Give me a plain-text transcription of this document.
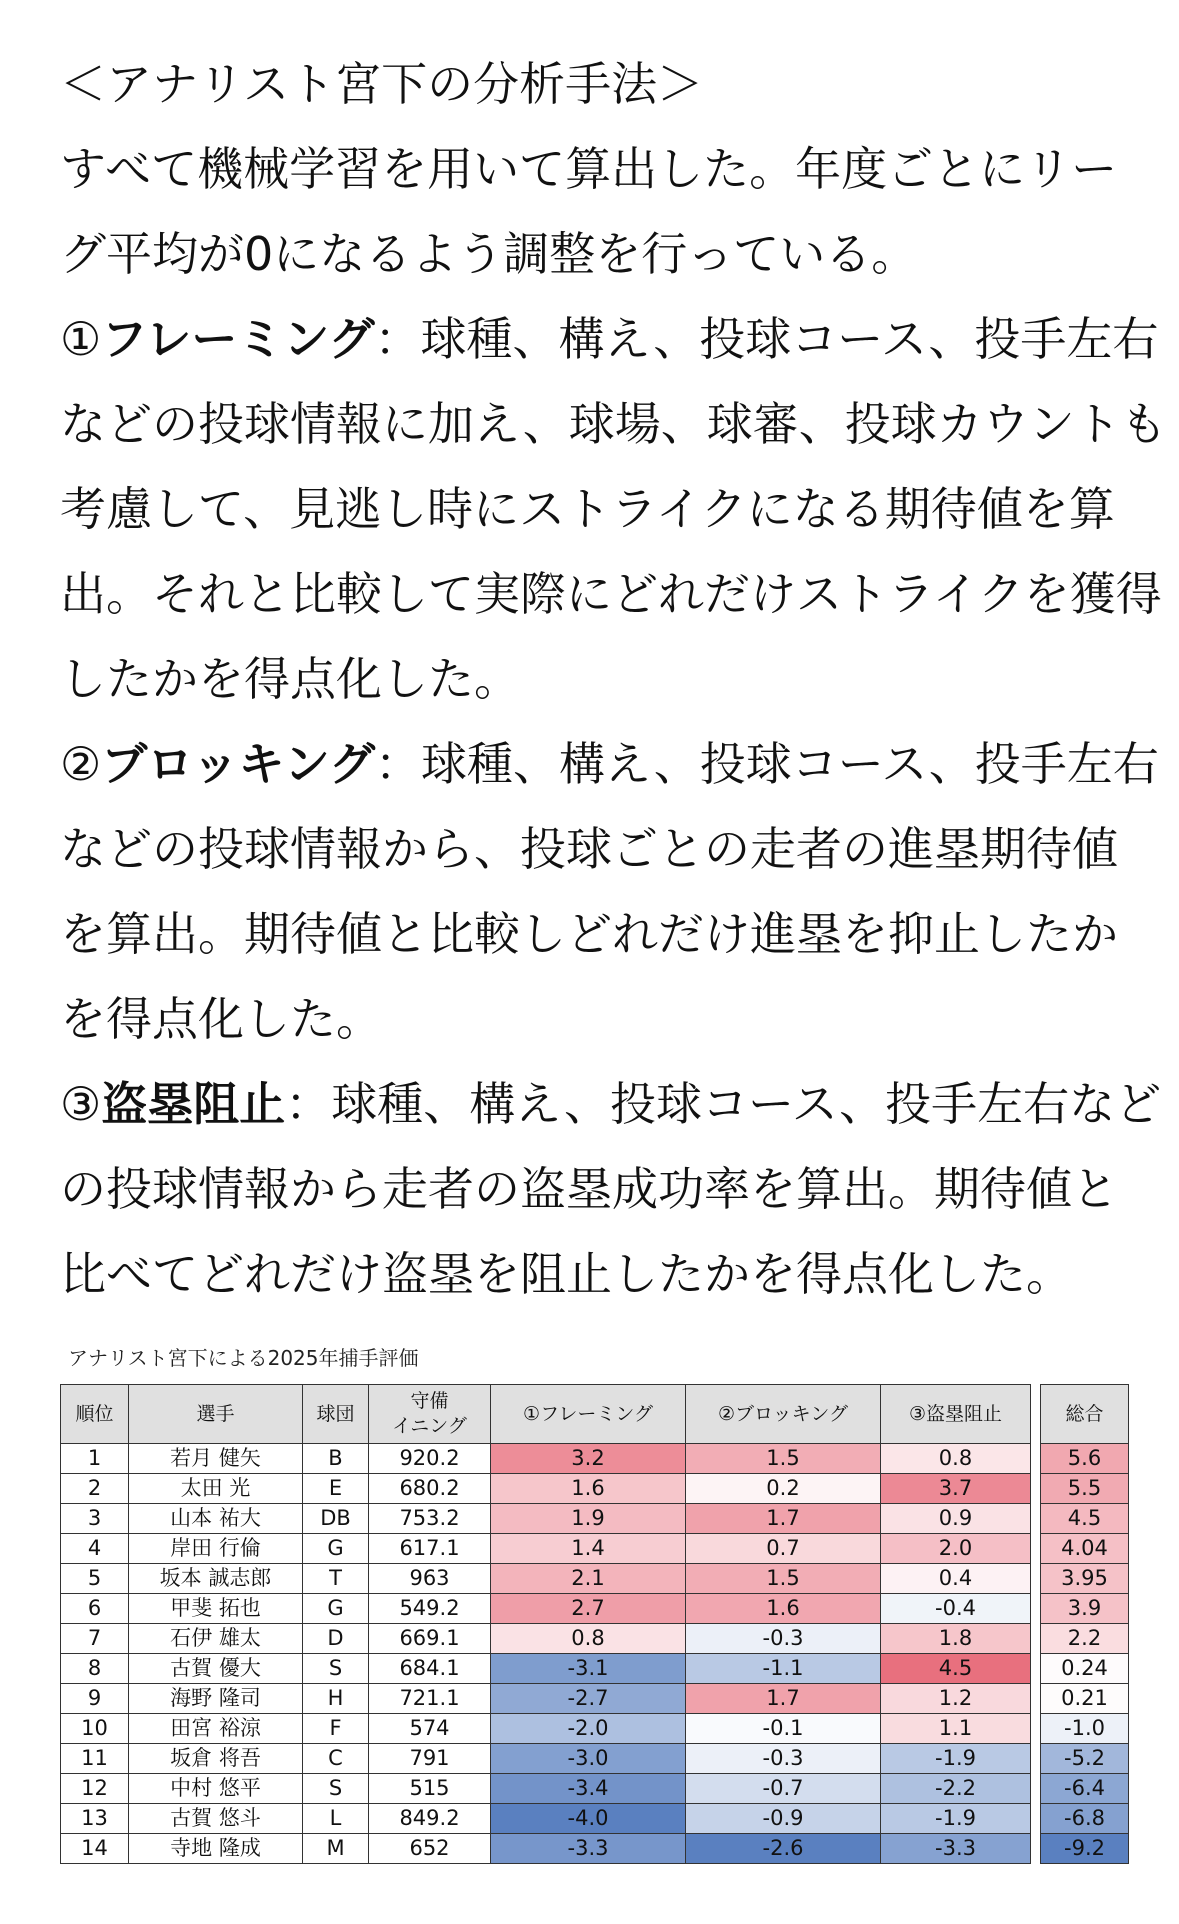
＜アナリスト宮下の分析手法＞
すべて機械学習を用いて算出した。年度ごとにリー
グ平均が0になるよう調整を行っている。
①フレーミング：球種、構え、投球コース、投手左右
などの投球情報に加え、球場、球審、投球カウントも
考慮して、見逃し時にストライクになる期待値を算
出。それと比較して実際にどれだけストライクを獲得
したかを得点化した。
②ブロッキング：球種、構え、投球コース、投手左右
などの投球情報から、投球ごとの走者の進塁期待値
を算出。期待値と比較しどれだけ進塁を抑止したか
を得点化した。
③盗塁阻止：球種、構え、投球コース、投手左右など
の投球情報から走者の盗塁成功率を算出。期待値と
比べてどれだけ盗塁を阻止したかを得点化した。
アナリスト宮下による2025年捕手評価
順位	選手	球団	守備
イニング	①フレーミング	②ブロッキング	③盗塁阻止		総合
1	若月 健矢	B	920.2	3.2	1.5	0.8		5.6
2	太田 光	E	680.2	1.6	0.2	3.7		5.5
3	山本 祐大	DB	753.2	1.9	1.7	0.9		4.5
4	岸田 行倫	G	617.1	1.4	0.7	2.0		4.04
5	坂本 誠志郎	T	963	2.1	1.5	0.4		3.95
6	甲斐 拓也	G	549.2	2.7	1.6	-0.4		3.9
7	石伊 雄太	D	669.1	0.8	-0.3	1.8		2.2
8	古賀 優大	S	684.1	-3.1	-1.1	4.5		0.24
9	海野 隆司	H	721.1	-2.7	1.7	1.2		0.21
10	田宮 裕涼	F	574	-2.0	-0.1	1.1		-1.0
11	坂倉 将吾	C	791	-3.0	-0.3	-1.9		-5.2
12	中村 悠平	S	515	-3.4	-0.7	-2.2		-6.4
13	古賀 悠斗	L	849.2	-4.0	-0.9	-1.9		-6.8
14	寺地 隆成	M	652	-3.3	-2.6	-3.3		-9.2
